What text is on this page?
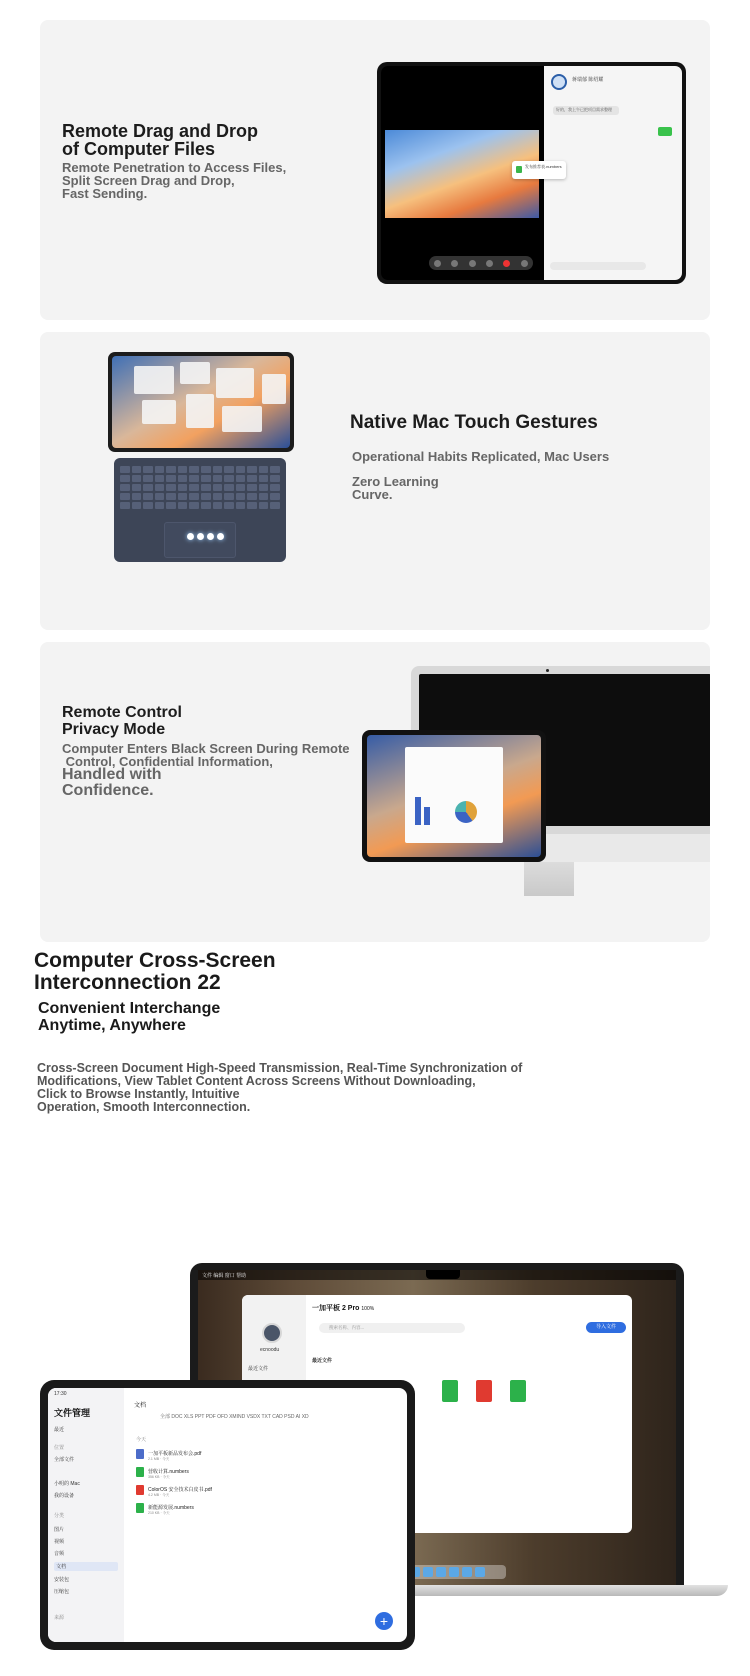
Remote Drag and Drop
of Computer Files
Remote Penetration to Access Files,
Split Screen Drag and Drop,
Fast Sending.
蒋瑞郁 陈绍耀
好的，我上午已把项目需求整理
发布推荐表.numbers
Native Mac Touch Gestures
Operational Habits Replicated, Mac Users
Zero Learning
Curve.
Remote Control
Privacy Mode
Computer Enters Black Screen During Remote
Control, Confidential Information,
Handled with
Confidence.
Computer Cross-Screen
Interconnection 22
Convenient Interchange
Anytime, Anywhere
Cross-Screen Document High-Speed Transmission, Real-Time Synchronization of
Modifications, View Tablet Content Across Screens Without Downloading,
Click to Browse Instantly, Intuitive
Operation, Smooth Interconnection.
文件 编辑 窗口 帮助
ecnoodu
最近文件
一加平板 2 Pro 100%
搜索名称、内容...	导入文件
最近文件
17:30
文件管理
最近
位置
全部文件
小明的 Mac
我的设备
分类
图片
视频
音频
文档
安装包
压缩包
来源
文档
全部 DOC XLS PPT PDF OFD XMIND VSDX TXT CAD PSD AI XD
今天
一加平板新品发布会.pdf
2.1 MB · 今天
营收计算.numbers
356 KB · 今天
ColorOS 安全技术白皮书.pdf
4.2 MB · 今天
新能源发展.numbers
210 KB · 今天
+
